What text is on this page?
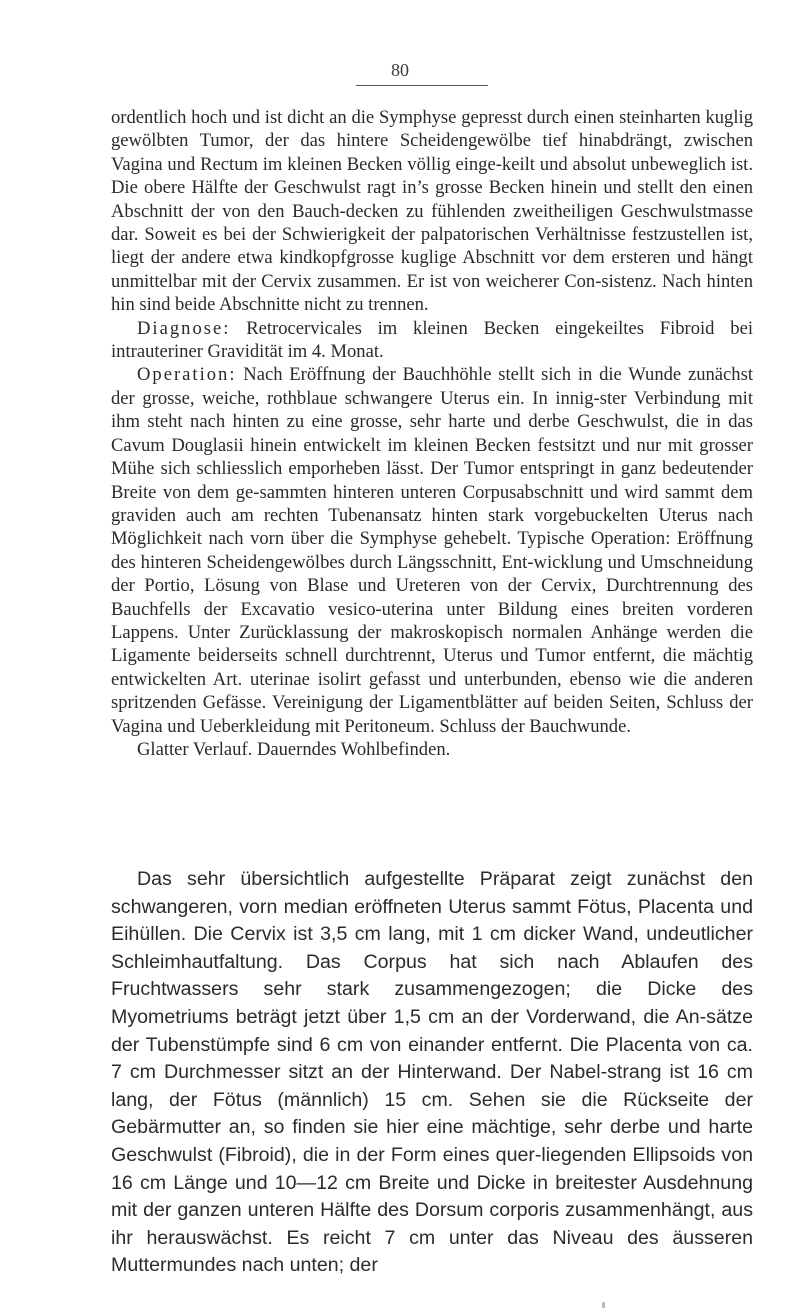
80

ordentlich hoch und ist dicht an die Symphyse gepresst durch einen steinharten kuglig gewölbten Tumor, der das hintere Scheidengewölbe tief hinabdrängt, zwischen Vagina und Rectum im kleinen Becken völlig einge-keilt und absolut unbeweglich ist. Die obere Hälfte der Geschwulst ragt in’s grosse Becken hinein und stellt den einen Abschnitt der von den Bauch-decken zu fühlenden zweitheiligen Geschwulstmasse dar. Soweit es bei der Schwierigkeit der palpatorischen Verhältnisse festzustellen ist, liegt der andere etwa kindkopfgrosse kuglige Abschnitt vor dem ersteren und hängt unmittelbar mit der Cervix zusammen. Er ist von weicherer Con-sistenz. Nach hinten hin sind beide Abschnitte nicht zu trennen.

Diagnose: Retrocervicales im kleinen Becken eingekeiltes Fibroid bei intrauteriner Gravidität im 4. Monat.

Operation: Nach Eröffnung der Bauchhöhle stellt sich in die Wunde zunächst der grosse, weiche, rothblaue schwangere Uterus ein. In innig-ster Verbindung mit ihm steht nach hinten zu eine grosse, sehr harte und derbe Geschwulst, die in das Cavum Douglasii hinein entwickelt im kleinen Becken festsitzt und nur mit grosser Mühe sich schliesslich emporheben lässt. Der Tumor entspringt in ganz bedeutender Breite von dem ge-sammten hinteren unteren Corpusabschnitt und wird sammt dem graviden auch am rechten Tubenansatz hinten stark vorgebuckelten Uterus nach Möglichkeit nach vorn über die Symphyse gehebelt. Typische Operation: Eröffnung des hinteren Scheidengewölbes durch Längsschnitt, Ent-wicklung und Umschneidung der Portio, Lösung von Blase und Ureteren von der Cervix, Durchtrennung des Bauchfells der Excavatio vesico-uterina unter Bildung eines breiten vorderen Lappens. Unter Zurücklassung der makroskopisch normalen Anhänge werden die Ligamente beiderseits schnell durchtrennt, Uterus und Tumor entfernt, die mächtig entwickelten Art. uterinae isolirt gefasst und unterbunden, ebenso wie die anderen spritzenden Gefässe. Vereinigung der Ligamentblätter auf beiden Seiten, Schluss der Vagina und Ueberkleidung mit Peritoneum. Schluss der Bauchwunde.

Glatter Verlauf. Dauerndes Wohlbefinden.

Das sehr übersichtlich aufgestellte Präparat zeigt zunächst den schwangeren, vorn median eröffneten Uterus sammt Fötus, Placenta und Eihüllen. Die Cervix ist 3,5 cm lang, mit 1 cm dicker Wand, undeutlicher Schleimhautfaltung. Das Corpus hat sich nach Ablaufen des Fruchtwassers sehr stark zusammengezogen; die Dicke des Myometriums beträgt jetzt über 1,5 cm an der Vorderwand, die An-sätze der Tubenstümpfe sind 6 cm von einander entfernt. Die Placenta von ca. 7 cm Durchmesser sitzt an der Hinterwand. Der Nabel-strang ist 16 cm lang, der Fötus (männlich) 15 cm. Sehen sie die Rückseite der Gebärmutter an, so finden sie hier eine mächtige, sehr derbe und harte Geschwulst (Fibroid), die in der Form eines quer-liegenden Ellipsoids von 16 cm Länge und 10—12 cm Breite und Dicke in breitester Ausdehnung mit der ganzen unteren Hälfte des Dorsum corporis zusammenhängt, aus ihr herauswächst. Es reicht 7 cm unter das Niveau des äusseren Muttermundes nach unten; der
